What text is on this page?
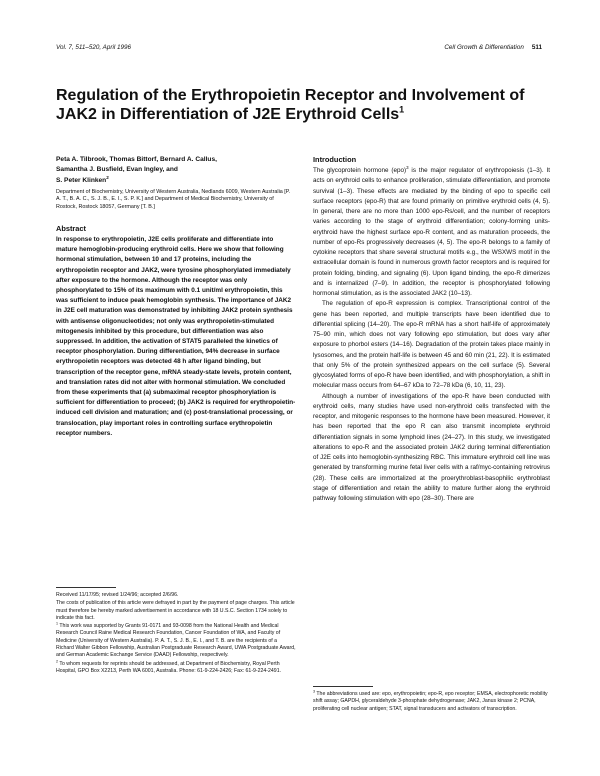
Vol. 7, 511–520, April 1996	Cell Growth & Differentiation 511
Regulation of the Erythropoietin Receptor and Involvement of JAK2 in Differentiation of J2E Erythroid Cells$^1$

Peta A. Tilbrook, Thomas Bittorf, Bernard A. Callus,
Samantha J. Busfield, Evan Ingley, and
S. Peter Klinken$^2$

Department of Biochemistry, University of Western Australia, Nedlands 6009, Western Australia [P. A. T., B. A. C., S. J. B., E. I., S. P. K.] and Department of Medical Biochemistry, University of Rostock, Rostock 18057, Germany [T. B.]

Abstract

In response to erythropoietin, J2E cells proliferate and differentiate into mature hemoglobin-producing erythroid cells. Here we show that following hormonal stimulation, between 10 and 17 proteins, including the erythropoietin receptor and JAK2, were tyrosine phosphorylated immediately after exposure to the hormone. Although the receptor was only phosphorylated to 15% of its maximum with 0.1 unit/ml erythropoietin, this was sufficient to induce peak hemoglobin synthesis. The importance of JAK2 in J2E cell maturation was demonstrated by inhibiting JAK2 protein synthesis with antisense oligonucleotides; not only was erythropoietin-stimulated mitogenesis inhibited by this procedure, but differentiation was also suppressed. In addition, the activation of STAT5 paralleled the kinetics of receptor phosphorylation. During differentiation, 94% decrease in surface erythropoietin receptors was detected 48 h after ligand binding, but transcription of the receptor gene, mRNA steady-state levels, protein content, and translation rates did not alter with hormonal stimulation. We concluded from these experiments that (a) submaximal receptor phosphorylation is sufficient for differentiation to proceed; (b) JAK2 is required for erythropoietin-induced cell division and maturation; and (c) post-translational processing, or translocation, play important roles in controlling surface erythropoietin receptor numbers.

Received 11/17/95; revised 1/24/96; accepted 2/6/96.

The costs of publication of this article were defrayed in part by the payment of page charges. This article must therefore be hereby marked advertisement in accordance with 18 U.S.C. Section 1734 solely to indicate this fact.

$^1$ This work was supported by Grants 91-0171 and 93-0098 from the National Health and Medical Research Council Raine Medical Research Foundation, Cancer Foundation of WA, and Faculty of Medicine (University of Western Australia). P. A. T., S. J. B., E. I., and T. B. are the recipients of a Richard Walter Gibbon Fellowship, Australian Postgraduate Research Award, UWA Postgraduate Award, and German Academic Exchange Service (DAAD) Fellowship, respectively.

$^2$ To whom requests for reprints should be addressed, at Department of Biochemistry, Royal Perth Hospital, GPO Box X2213, Perth WA 6001, Australia. Phone: 61-9-224-2426; Fax: 61-9-224-2491.

Introduction

The glycoprotein hormone (epo)$^3$ is the major regulator of erythropoiesis (1–3). It acts on erythroid cells to enhance proliferation, stimulate differentiation, and promote survival (1–3). These effects are mediated by the binding of epo to specific cell surface receptors (epo-R) that are found primarily on primitive erythroid cells (4, 5). In general, there are no more than 1000 epo-Rs/cell, and the number of receptors varies according to the stage of erythroid differentiation; colony-forming units-erythroid have the highest surface epo-R content, and as maturation proceeds, the number of epo-Rs progressively decreases (4, 5). The epo-R belongs to a family of cytokine receptors that share several structural motifs e.g., the WSXWS motif in the extracellular domain is found in numerous growth factor receptors and is required for protein folding, binding, and signaling (6). Upon ligand binding, the epo-R dimerizes and is internalized (7–9). In addition, the receptor is phosphorylated following hormonal stimulation, as is the associated JAK2 (10–13).

The regulation of epo-R expression is complex. Transcriptional control of the gene has been reported, and multiple transcripts have been identified due to differential splicing (14–20). The epo-R mRNA has a short half-life of approximately 75–90 min, which does not vary following epo stimulation, but does vary after exposure to phorbol esters (14–16). Degradation of the protein takes place mainly in lysosomes, and the protein half-life is between 45 and 60 min (21, 22). It is estimated that only 5% of the protein synthesized appears on the cell surface (5). Several glycosylated forms of epo-R have been identified, and with phosphorylation, a shift in molecular mass occurs from 64–67 kDa to 72–78 kDa (6, 10, 11, 23).

Although a number of investigations of the epo-R have been conducted with erythroid cells, many studies have used non-erythroid cells transfected with the receptor, and mitogenic responses to the hormone have been measured. However, it has been reported that the epo R can also transmit incomplete erythroid differentiation signals in some lymphoid lines (24–27). In this study, we investigated alterations to epo-R and the associated protein JAK2 during terminal differentiation of J2E cells into hemoglobin-synthesizing RBC. This immature erythroid cell line was generated by transforming murine fetal liver cells with a raf/myc-containing retrovirus (28). These cells are immortalized at the proerythroblast-basophilic erythroblast stage of differentiation and retain the ability to mature further along the erythroid pathway following stimulation with epo (28–30). There are

$^3$ The abbreviations used are: epo, erythropoietin; epo-R, epo receptor; EMSA, electrophoretic mobility shift assay; GAPDH, glyceraldehyde 3-phosphate dehydrogenase; JAK2, Janus kinase 2; PCNA, proliferating cell nuclear antigen; STAT, signal transducers and activators of transcription.
